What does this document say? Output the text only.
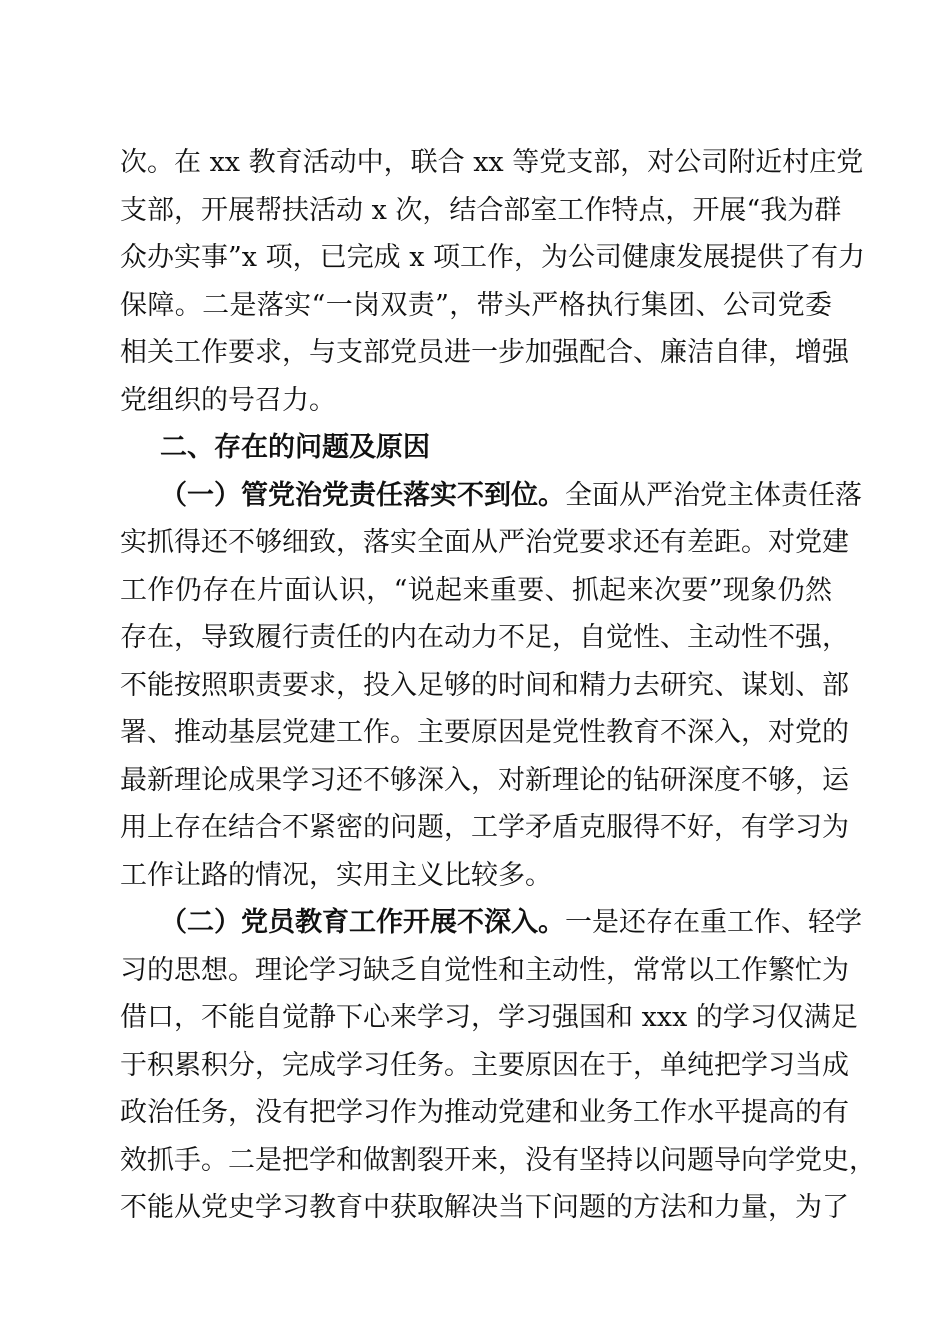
次。在 xx 教育活动中，联合 xx 等党支部，对公司附近村庄党
支部，开展帮扶活动 x 次，结合部室工作特点，开展“我为群
众办实事”x 项，已完成 x 项工作，为公司健康发展提供了有力
保障。二是落实“一岗双责”，带头严格执行集团、公司党委
相关工作要求，与支部党员进一步加强配合、廉洁自律，增强
党组织的号召力。
二、存在的问题及原因
（一）管党治党责任落实不到位。全面从严治党主体责任落
实抓得还不够细致，落实全面从严治党要求还有差距。对党建
工作仍存在片面认识，“说起来重要、抓起来次要”现象仍然
存在，导致履行责任的内在动力不足，自觉性、主动性不强，
不能按照职责要求，投入足够的时间和精力去研究、谋划、部
署、推动基层党建工作。主要原因是党性教育不深入，对党的
最新理论成果学习还不够深入，对新理论的钻研深度不够，运
用上存在结合不紧密的问题，工学矛盾克服得不好，有学习为
工作让路的情况，实用主义比较多。
（二）党员教育工作开展不深入。一是还存在重工作、轻学
习的思想。理论学习缺乏自觉性和主动性，常常以工作繁忙为
借口，不能自觉静下心来学习，学习强国和 xxx 的学习仅满足
于积累积分，完成学习任务。主要原因在于，单纯把学习当成
政治任务，没有把学习作为推动党建和业务工作水平提高的有
效抓手。二是把学和做割裂开来，没有坚持以问题导向学党史，
不能从党史学习教育中获取解决当下问题的方法和力量，为了
